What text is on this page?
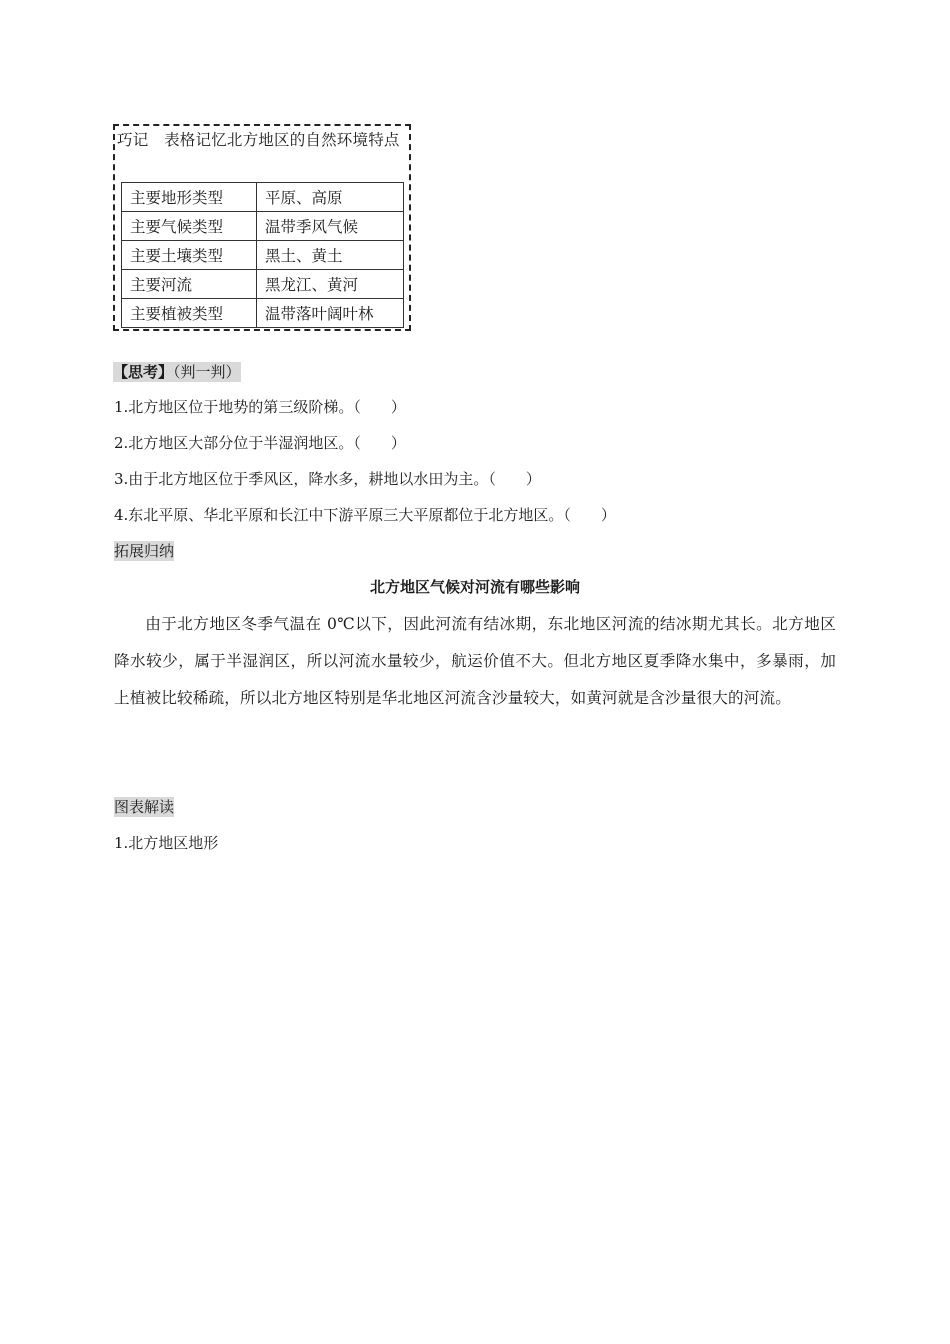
巧记　表格记忆北方地区的自然环境特点
主要地形类型	平原、高原
主要气候类型	温带季风气候
主要土壤类型	黑土、黄土
主要河流	黑龙江、黄河
主要植被类型	温带落叶阔叶林
【思考】（判一判）
1.北方地区位于地势的第三级阶梯。（　　）
2.北方地区大部分位于半湿润地区。（　　）
3.由于北方地区位于季风区，降水多，耕地以水田为主。（　　）
4.东北平原、华北平原和长江中下游平原三大平原都位于北方地区。（　　）
拓展归纳
北方地区气候对河流有哪些影响
由于北方地区冬季气温在 0℃以下，因此河流有结冰期，东北地区河流的结冰期尤其长。北方地区降水较少，属于半湿润区，所以河流水量较少，航运价值不大。但北方地区夏季降水集中，多暴雨，加上植被比较稀疏，所以北方地区特别是华北地区河流含沙量较大，如黄河就是含沙量很大的河流。
图表解读
1.北方地区地形
